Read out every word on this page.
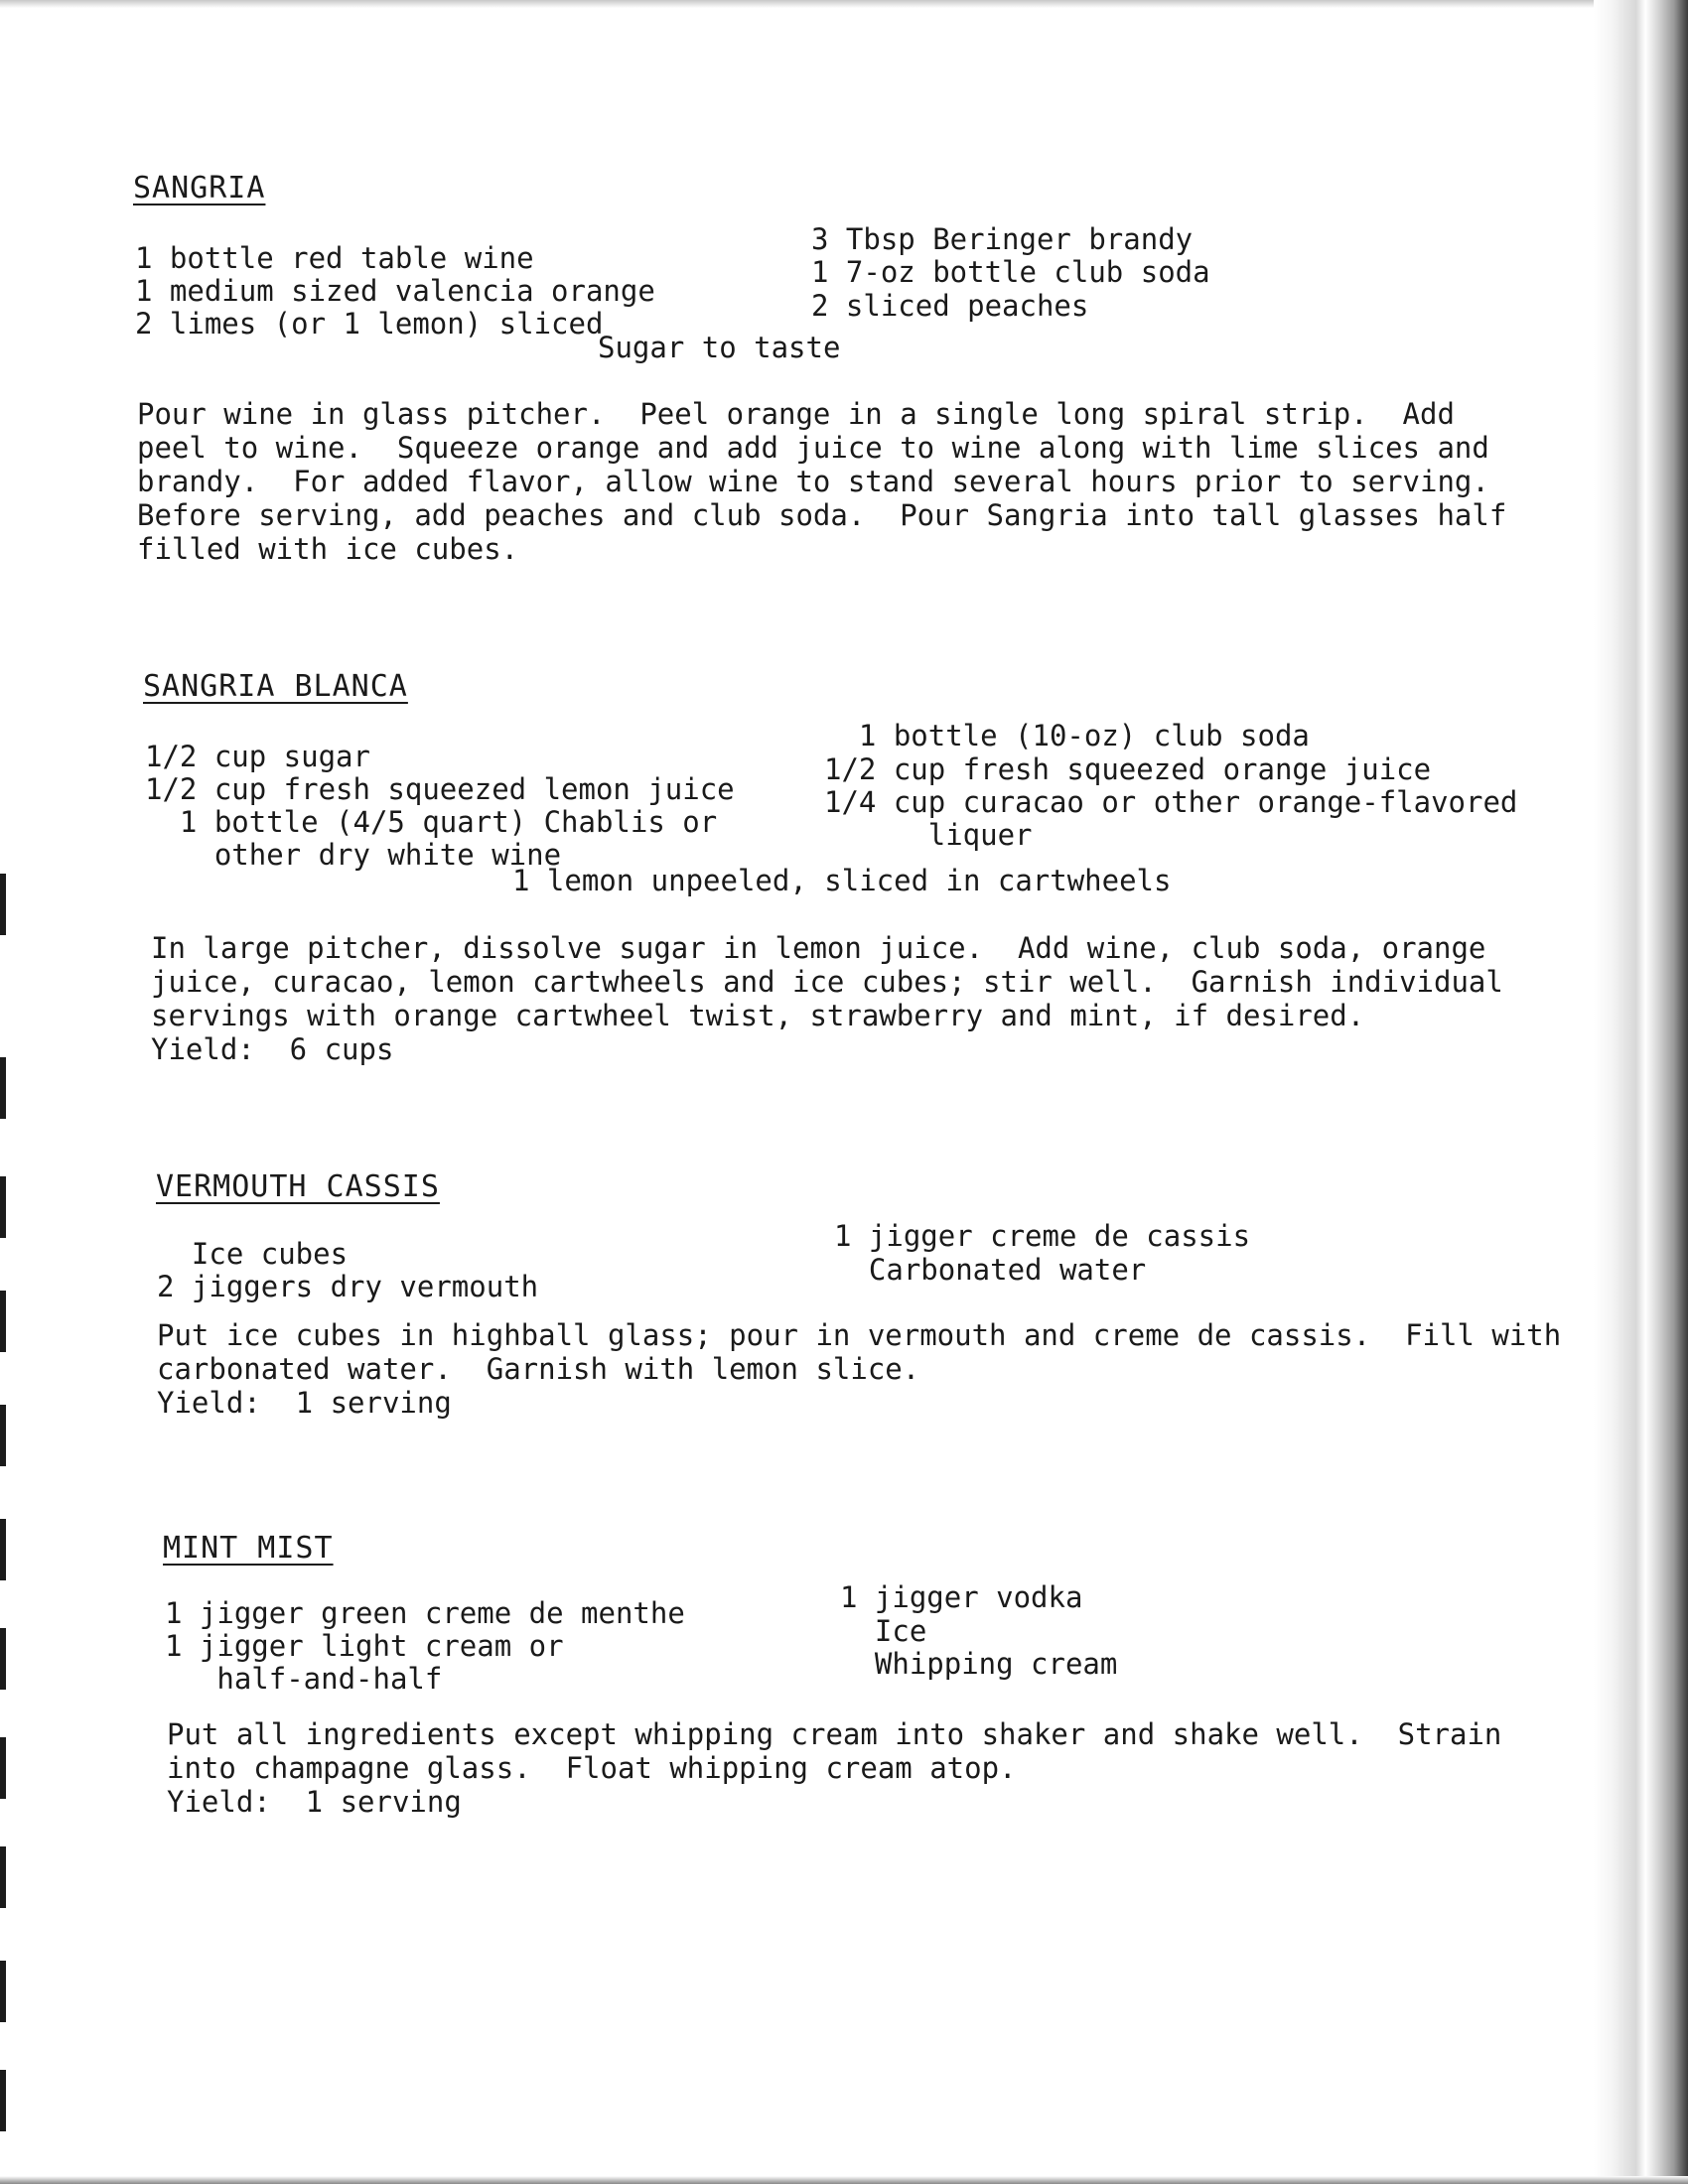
SANGRIA
1 bottle red table wine
1 medium sized valencia orange
2 limes (or 1 lemon) sliced
3 Tbsp Beringer brandy
1 7-oz bottle club soda
2 sliced peaches
Sugar to taste
Pour wine in glass pitcher.  Peel orange in a single long spiral strip.  Add
peel to wine.  Squeeze orange and add juice to wine along with lime slices and
brandy.  For added flavor, allow wine to stand several hours prior to serving.
Before serving, add peaches and club soda.  Pour Sangria into tall glasses half
filled with ice cubes.
SANGRIA BLANCA
1/2 cup sugar
1/2 cup fresh squeezed lemon juice
1 bottle (4/5 quart) Chablis or
other dry white wine
1 bottle (10-oz) club soda
1/2 cup fresh squeezed orange juice
1/4 cup curacao or other orange-flavored
liquer
1 lemon unpeeled, sliced in cartwheels
In large pitcher, dissolve sugar in lemon juice.  Add wine, club soda, orange
juice, curacao, lemon cartwheels and ice cubes; stir well.  Garnish individual
servings with orange cartwheel twist, strawberry and mint, if desired.
Yield:  6 cups
VERMOUTH CASSIS
Ice cubes
2 jiggers dry vermouth
1 jigger creme de cassis
Carbonated water
Put ice cubes in highball glass; pour in vermouth and creme de cassis.  Fill with
carbonated water.  Garnish with lemon slice.
Yield:  1 serving
MINT MIST
1 jigger green creme de menthe
1 jigger light cream or
half-and-half
1 jigger vodka
Ice
Whipping cream
Put all ingredients except whipping cream into shaker and shake well.  Strain
into champagne glass.  Float whipping cream atop.
Yield:  1 serving
